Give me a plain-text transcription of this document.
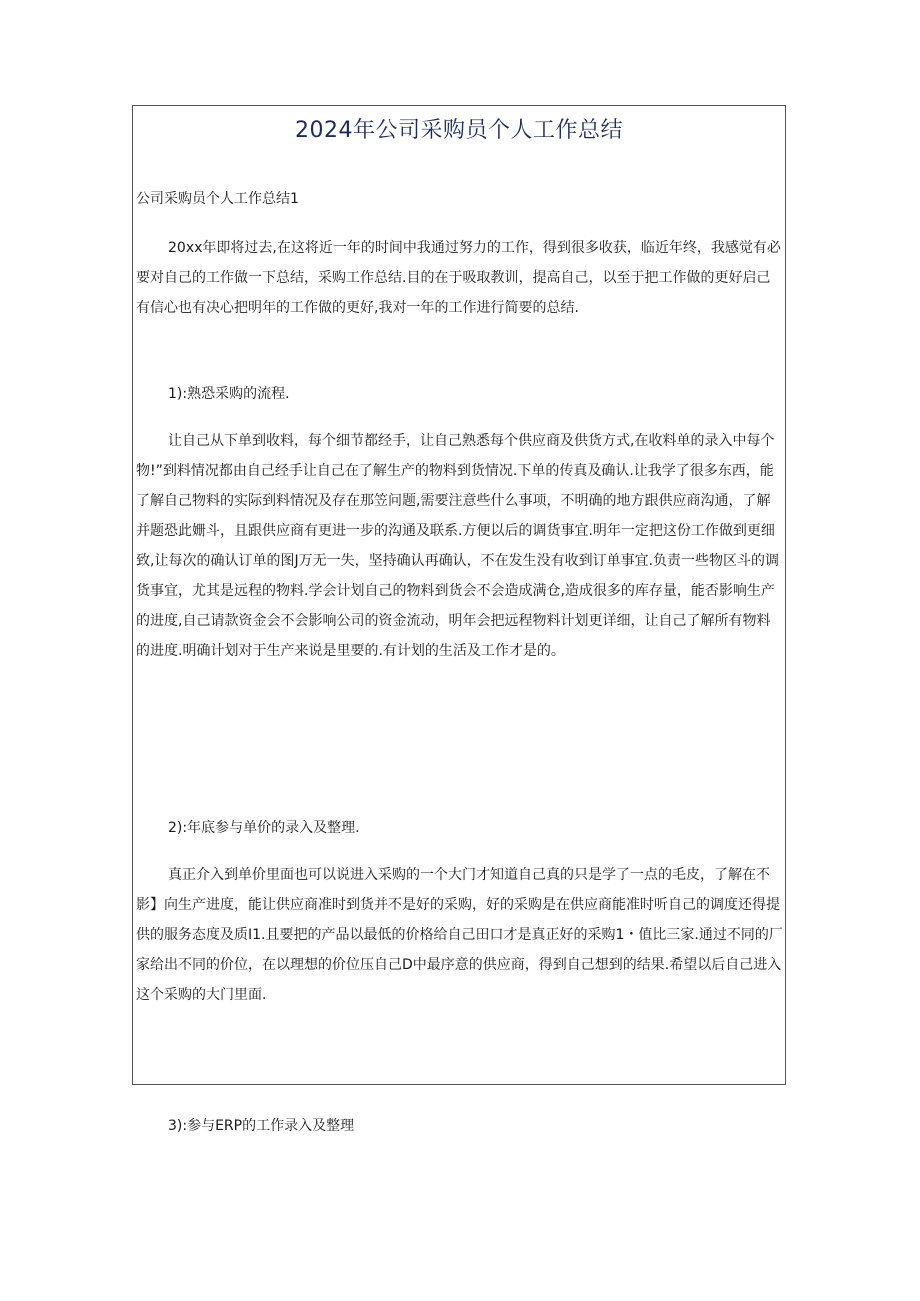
2024年公司采购员个人工作总结

公司采购员个人工作总结1

20xx年即将过去,在这将近一年的时间中我通过努力的工作，得到很多收获，临近年终，我感觉有必要对自己的工作做一下总结，采购工作总结.目的在于吸取教训，提高自己，以至于把工作做的更好启己有信心也有决心把明年的工作做的更好,我对一年的工作进行简要的总结.

1):熟恐采购的流程.

让自己从下单到收料，每个细节都经手，让自己熟悉每个供应商及供货方式,在收料单的录入中每个物!”到料情况都由自己经手让自己在了解生产的物料到货情况.下单的传真及确认.让我学了很多东西，能了解自己物料的实际到料情况及存在那笠问题,需要注意些什么事项，不明确的地方跟供应商沟通，了解并题恐此姗斗，且跟供应商有更进一步的沟通及联系.方便以后的调货事宜.明年一定把这份工作做到更细致,让每次的确认订单的图J万无一失，坚持确认再确认，不在发生没有收到订单事宜.负责一些物区斗的调货事宜，尤其是远程的物料.学会计划自己的物料到货会不会造成满仓,造成很多的库存量，能否影响生产的进度,自己请款资金会不会影响公司的资金流动，明年会把远程物料计划更详细，让自己了解所有物料的进度.明确计划对于生产来说是里要的.有计划的生活及工作才是的。

2):年底参与单价的录入及整理.

真正介入到单价里面也可以说进入采购的一个大门才知道自己真的只是学了一点的毛皮，了解在不影】向生产进度，能让供应商准时到货并不是好的采购，好的采购是在供应商能准时听自己的调度还得提供的服务态度及质I1.且要把的产品以最低的价格给自己田口才是真正好的采购1・值比三家.通过不同的厂家给出不同的价位，在以理想的价位压自己D中最序意的供应商，得到自己想到的结果.希望以后自己进入这个采购的大门里面.

3):参与ERP的工作录入及整理
